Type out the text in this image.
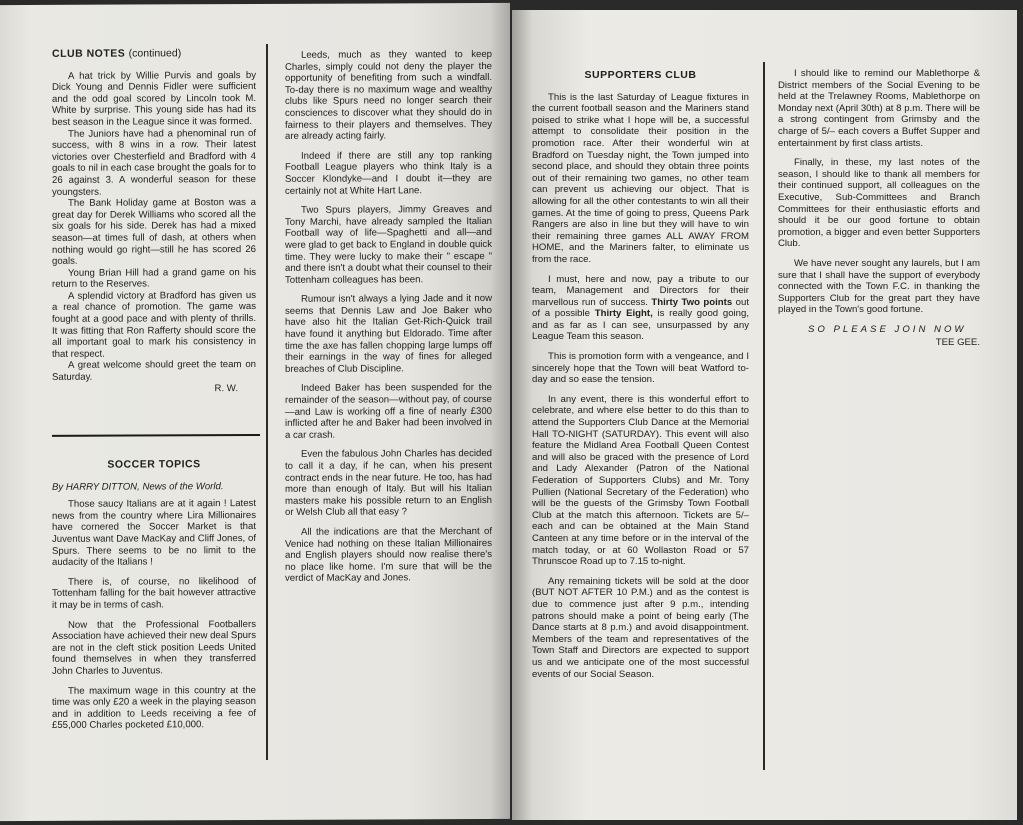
CLUB NOTES (continued)

A hat trick by Willie Purvis and goals by Dick Young and Dennis Fidler were sufficient and the odd goal scored by Lincoln took M. White by surprise. This young side has had its best season in the League since it was formed.

The Juniors have had a phenominal run of success, with 8 wins in a row. Their latest victories over Chesterfield and Bradford with 4 goals to nil in each case brought the goals for to 26 against 3. A wonderful season for these youngsters.

The Bank Holiday game at Boston was a great day for Derek Williams who scored all the six goals for his side. Derek has had a mixed season—at times full of dash, at others when nothing would go right—still he has scored 26 goals.

Young Brian Hill had a grand game on his return to the Reserves.

A splendid victory at Bradford has given us a real chance of promotion. The game was fought at a good pace and with plenty of thrills. It was fitting that Ron Rafferty should score the all important goal to mark his consistency in that respect.

A great welcome should greet the team on Saturday.

R. W.

SOCCER TOPICS

By HARRY DITTON, News of the World.

Those saucy Italians are at it again ! Latest news from the country where Lira Millionaires have cornered the Soccer Market is that Juventus want Dave MacKay and Cliff Jones, of Spurs. There seems to be no limit to the audacity of the Italians !

There is, of course, no likelihood of Tottenham falling for the bait however attractive it may be in terms of cash.

Now that the Professional Footballers Association have achieved their new deal Spurs are not in the cleft stick position Leeds United found themselves in when they transferred John Charles to Juventus.

The maximum wage in this country at the time was only £20 a week in the playing season and in addition to Leeds receiving a fee of £55,000 Charles pocketed £10,000.

Leeds, much as they wanted to keep Charles, simply could not deny the player the opportunity of benefiting from such a windfall. To-day there is no maximum wage and wealthy clubs like Spurs need no longer search their consciences to discover what they should do in fairness to their players and themselves. They are already acting fairly.

Indeed if there are still any top ranking Football League players who think Italy is a Soccer Klondyke—and I doubt it—they are certainly not at White Hart Lane.

Two Spurs players, Jimmy Greaves and Tony Marchi, have already sampled the Italian Football way of life—Spaghetti and all—and were glad to get back to England in double quick time. They were lucky to make their " escape " and there isn't a doubt what their counsel to their Tottenham colleagues has been.

Rumour isn't always a lying Jade and it now seems that Dennis Law and Joe Baker who have also hit the Italian Get-Rich-Quick trail have found it anything but Eldorado. Time after time the axe has fallen chopping large lumps off their earnings in the way of fines for alleged breaches of Club Discipline.

Indeed Baker has been suspended for the remainder of the season—without pay, of course—and Law is working off a fine of nearly £300 inflicted after he and Baker had been involved in a car crash.

Even the fabulous John Charles has decided to call it a day, if he can, when his present contract ends in the near future. He too, has had more than enough of Italy. But will his Italian masters make his possible return to an English or Welsh Club all that easy ?

All the indications are that the Merchant of Venice had nothing on these Italian Millionaires and English players should now realise there's no place like home. I'm sure that will be the verdict of MacKay and Jones.

SUPPORTERS CLUB

This is the last Saturday of League fixtures in the current football season and the Mariners stand poised to strike what I hope will be, a successful attempt to consolidate their position in the promotion race. After their wonderful win at Bradford on Tuesday night, the Town jumped into second place, and should they obtain three points out of their remaining two games, no other team can prevent us achieving our object. That is allowing for all the other contestants to win all their games. At the time of going to press, Queens Park Rangers are also in line but they will have to win their remaining three games ALL AWAY FROM HOME, and the Mariners falter, to eliminate us from the race.

I must, here and now, pay a tribute to our team, Management and Directors for their marvellous run of success. Thirty Two points out of a possible Thirty Eight, is really good going, and as far as I can see, unsurpassed by any League Team this season.

This is promotion form with a vengeance, and I sincerely hope that the Town will beat Watford to-day and so ease the tension.

In any event, there is this wonderful effort to celebrate, and where else better to do this than to attend the Supporters Club Dance at the Memorial Hall TO-NIGHT (SATURDAY). This event will also feature the Midland Area Football Queen Contest and will also be graced with the presence of Lord and Lady Alexander (Patron of the National Federation of Supporters Clubs) and Mr. Tony Pullien (National Secretary of the Federation) who will be the guests of the Grimsby Town Football Club at the match this afternoon. Tickets are 5/– each and can be obtained at the Main Stand Canteen at any time before or in the interval of the match today, or at 60 Wollaston Road or 57 Thrunscoe Road up to 7.15 to-night.

Any remaining tickets will be sold at the door (BUT NOT AFTER 10 P.M.) and as the contest is due to commence just after 9 p.m., intending patrons should make a point of being early (The Dance starts at 8 p.m.) and avoid disappointment. Members of the team and representatives of the Town Staff and Directors are expected to support us and we anticipate one of the most successful events of our Social Season.

I should like to remind our Mablethorpe & District members of the Social Evening to be held at the Trelawney Rooms, Mablethorpe on Monday next (April 30th) at 8 p.m. There will be a strong contingent from Grimsby and the charge of 5/– each covers a Buffet Supper and entertainment by first class artists.

Finally, in these, my last notes of the season, I should like to thank all members for their continued support, all colleagues on the Executive, Sub-Committees and Branch Committees for their enthusiastic efforts and should it be our good fortune to obtain promotion, a bigger and even better Supporters Club.

We have never sought any laurels, but I am sure that I shall have the support of everybody connected with the Town F.C. in thanking the Supporters Club for the great part they have played in the Town's good fortune.

SO PLEASE JOIN NOW

TEE GEE.
